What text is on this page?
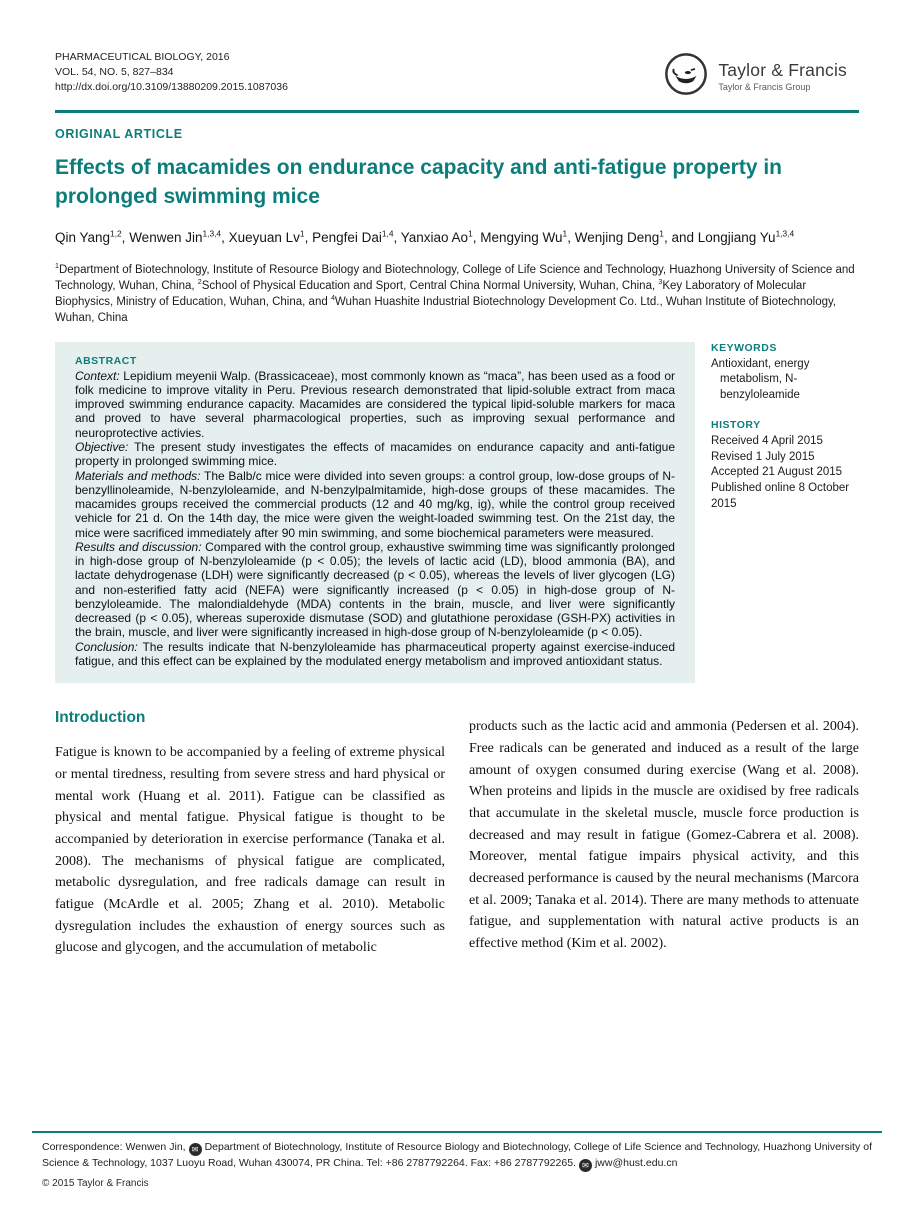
PHARMACEUTICAL BIOLOGY, 2016
VOL. 54, NO. 5, 827–834
http://dx.doi.org/10.3109/13880209.2015.1087036
Taylor & Francis
Taylor & Francis Group
ORIGINAL ARTICLE
Effects of macamides on endurance capacity and anti-fatigue property in prolonged swimming mice
Qin Yang$^{1,2}$, Wenwen Jin$^{1,3,4}$, Xueyuan Lv$^1$, Pengfei Dai$^{1,4}$, Yanxiao Ao$^1$, Mengying Wu$^1$, Wenjing Deng$^1$, and Longjiang Yu$^{1,3,4}$
$^1$Department of Biotechnology, Institute of Resource Biology and Biotechnology, College of Life Science and Technology, Huazhong University of Science and Technology, Wuhan, China, $^2$School of Physical Education and Sport, Central China Normal University, Wuhan, China, $^3$Key Laboratory of Molecular Biophysics, Ministry of Education, Wuhan, China, and $^4$Wuhan Huashite Industrial Biotechnology Development Co. Ltd., Wuhan Institute of Biotechnology, Wuhan, China
ABSTRACT

Context: Lepidium meyenii Walp. (Brassicaceae), most commonly known as “maca”, has been used as a food or folk medicine to improve vitality in Peru. Previous research demonstrated that lipid-soluble extract from maca improved swimming endurance capacity. Macamides are considered the typical lipid-soluble markers for maca and proved to have several pharmacological properties, such as improving sexual performance and neuroprotective activies.

Objective: The present study investigates the effects of macamides on endurance capacity and anti-fatigue property in prolonged swimming mice.

Materials and methods: The Balb/c mice were divided into seven groups: a control group, low-dose groups of N-benzyllinoleamide, N-benzyloleamide, and N-benzylpalmitamide, high-dose groups of these macamides. The macamides groups received the commercial products (12 and 40 mg/kg, ig), while the control group received vehicle for 21 d. On the 14th day, the mice were given the weight-loaded swimming test. On the 21st day, the mice were sacrificed immediately after 90 min swimming, and some biochemical parameters were measured.

Results and discussion: Compared with the control group, exhaustive swimming time was significantly prolonged in high-dose group of N-benzyloleamide (p < 0.05); the levels of lactic acid (LD), blood ammonia (BA), and lactate dehydrogenase (LDH) were significantly decreased (p < 0.05), whereas the levels of liver glycogen (LG) and non-esterified fatty acid (NEFA) were significantly increased (p < 0.05) in high-dose group of N-benzyloleamide. The malondialdehyde (MDA) contents in the brain, muscle, and liver were significantly decreased (p < 0.05), whereas superoxide dismutase (SOD) and glutathione peroxidase (GSH-PX) activities in the brain, muscle, and liver were significantly increased in high-dose group of N-benzyloleamide (p < 0.05).

Conclusion: The results indicate that N-benzyloleamide has pharmaceutical property against exercise-induced fatigue, and this effect can be explained by the modulated energy metabolism and improved antioxidant status.

KEYWORDS
Antioxidant, energy metabolism, N-benzyloleamide
HISTORY
Received 4 April 2015
Revised 1 July 2015
Accepted 21 August 2015
Published online 8 October 2015
Introduction

Fatigue is known to be accompanied by a feeling of extreme physical or mental tiredness, resulting from severe stress and hard physical or mental work (Huang et al. 2011). Fatigue can be classified as physical and mental fatigue. Physical fatigue is thought to be accompanied by deterioration in exercise performance (Tanaka et al. 2008). The mechanisms of physical fatigue are complicated, metabolic dysregulation, and free radicals damage can result in fatigue (McArdle et al. 2005; Zhang et al. 2010). Metabolic dysregulation includes the exhaustion of energy sources such as glucose and glycogen, and the accumulation of metabolic

products such as the lactic acid and ammonia (Pedersen et al. 2004). Free radicals can be generated and induced as a result of the large amount of oxygen consumed during exercise (Wang et al. 2008). When proteins and lipids in the muscle are oxidised by free radicals that accumulate in the skeletal muscle, muscle force production is decreased and may result in fatigue (Gomez-Cabrera et al. 2008). Moreover, mental fatigue impairs physical activity, and this decreased performance is caused by the neural mechanisms (Marcora et al. 2009; Tanaka et al. 2014). There are many methods to attenuate fatigue, and supplementation with natural active products is an effective method (Kim et al. 2002).

Correspondence: Wenwen Jin, ✉ Department of Biotechnology, Institute of Resource Biology and Biotechnology, College of Life Science and Technology, Huazhong University of Science & Technology, 1037 Luoyu Road, Wuhan 430074, PR China. Tel: +86 2787792264. Fax: +86 2787792265. ✉ jww@hust.edu.cn
© 2015 Taylor & Francis
